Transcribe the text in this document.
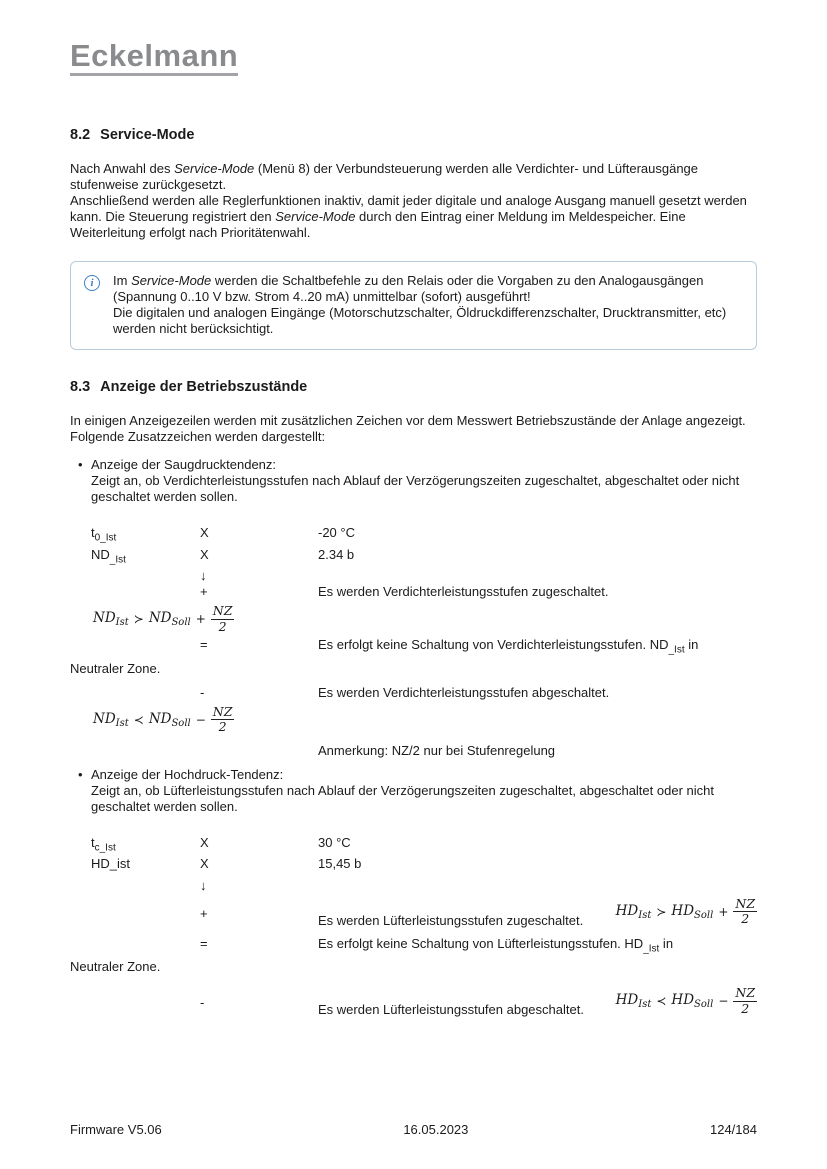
Eckelmann
8.2 Service-Mode
Nach Anwahl des Service-Mode (Menü 8) der Verbundsteuerung werden alle Verdichter- und Lüfterausgänge stufenweise zurückgesetzt.
Anschließend werden alle Reglerfunktionen inaktiv, damit jeder digitale und analoge Ausgang manuell gesetzt werden kann. Die Steuerung registriert den Service-Mode durch den Eintrag einer Meldung im Meldespeicher. Eine Weiterleitung erfolgt nach Prioritätenwahl.
i	Im Service-Mode werden die Schaltbefehle zu den Relais oder die Vorgaben zu den Analogausgängen (Spannung 0..10 V bzw. Strom 4..20 mA) unmittelbar (sofort) ausgeführt!
Die digitalen und analogen Eingänge (Motorschutzschalter, Öldruckdifferenzschalter, Drucktransmitter, etc) werden nicht berücksichtigt.
8.3 Anzeige der Betriebszustände
In einigen Anzeigezeilen werden mit zusätzlichen Zeichen vor dem Messwert Betriebszustände der Anlage angezeigt. Folgende Zusatzzeichen werden dargestellt:
• Anzeige der Saugdrucktendenz:
Zeigt an, ob Verdichterleistungsstufen nach Ablauf der Verzögerungszeiten zugeschaltet, abgeschaltet oder nicht geschaltet werden sollen.
$t_{0\_Ist}$	X	-20 °C
$ND_{\_Ist}$	X	2.34 b
↓
+	Es werden Verdichterleistungsstufen zugeschaltet.
$ND_{Ist}$ ≻ $ND_{Soll} + \frac{NZ}{2}$
=	Es erfolgt keine Schaltung von Verdichterleistungsstufen. $ND_{\_Ist}$ in
Neutraler Zone.
-	Es werden Verdichterleistungsstufen abgeschaltet.
$ND_{Ist}$ ≺ $ND_{Soll} - \frac{NZ}{2}$
Anmerkung: NZ/2 nur bei Stufenregelung
• Anzeige der Hochdruck-Tendenz:
Zeigt an, ob Lüfterleistungsstufen nach Ablauf der Verzögerungszeiten zugeschaltet, abgeschaltet oder nicht geschaltet werden sollen.
$t_{c\_Ist}$	X	30 °C
HD_ist	X	15,45 b
↓
+	Es werden Lüfterleistungsstufen zugeschaltet.
$HD_{Ist}$ ≻ $HD_{Soll} + \frac{NZ}{2}$
=	Es erfolgt keine Schaltung von Lüfterleistungsstufen. $HD_{\_Ist}$ in
Neutraler Zone.
-	Es werden Lüfterleistungsstufen abgeschaltet.
$HD_{Ist}$ ≺ $HD_{Soll} - \frac{NZ}{2}$
Firmware V5.06	16.05.2023	124/184
